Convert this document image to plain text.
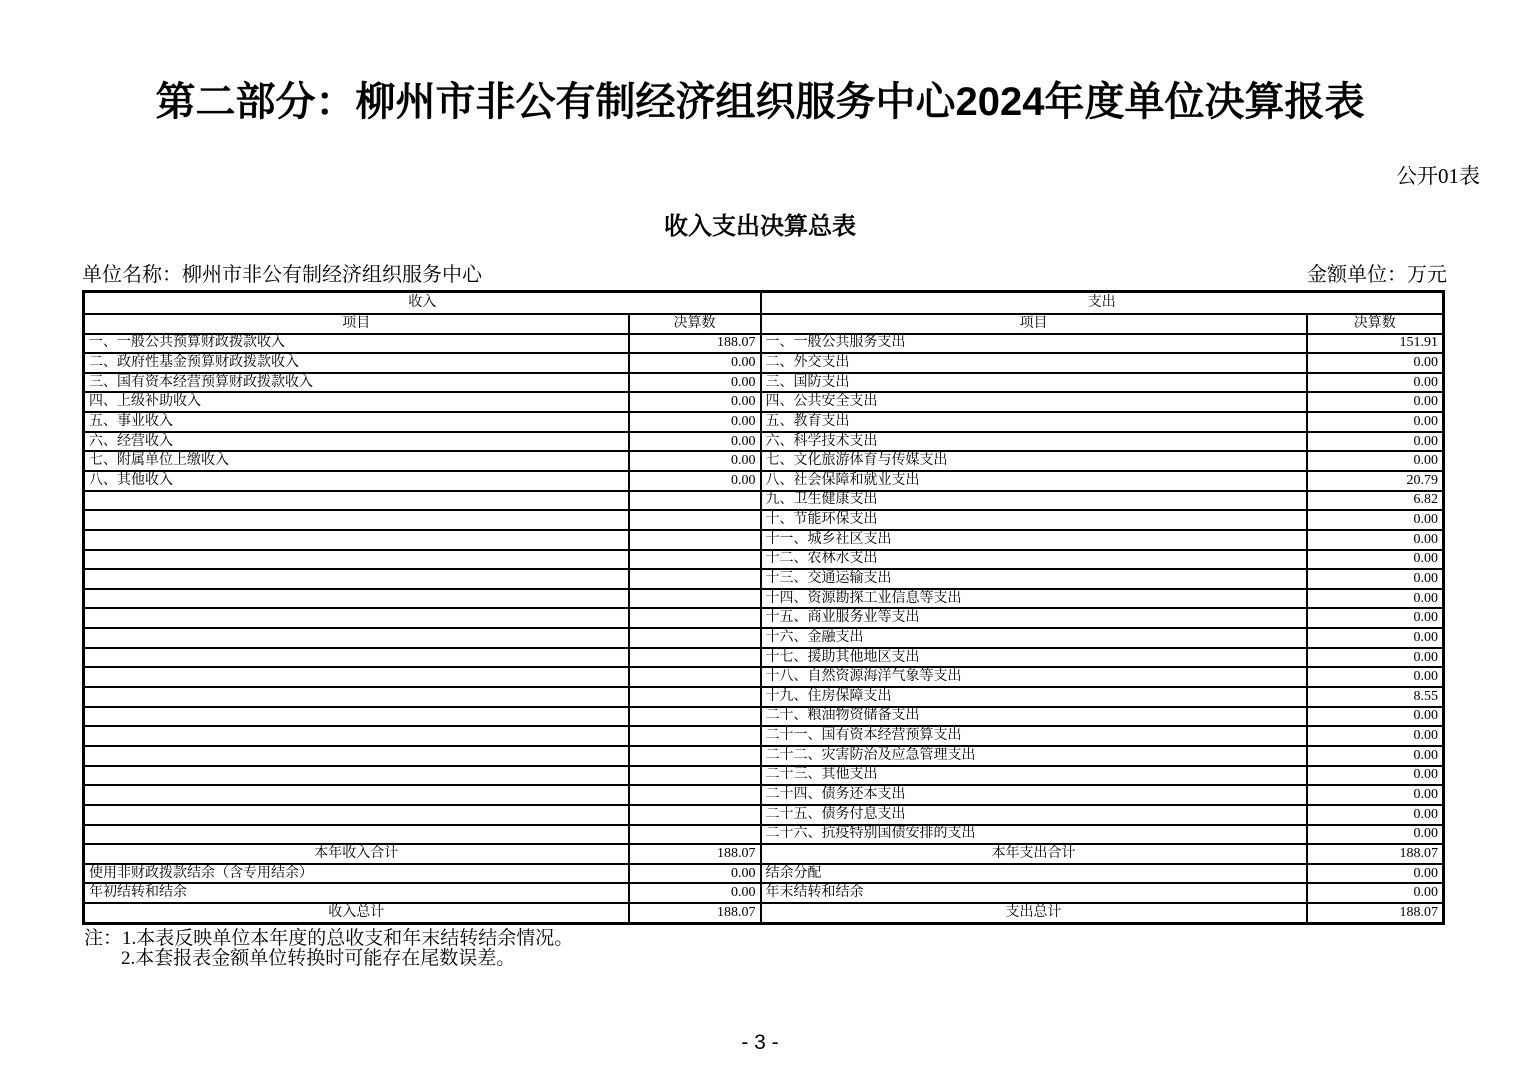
第二部分：柳州市非公有制经济组织服务中心2024年度单位决算报表
公开01表
收入支出决算总表
单位名称：柳州市非公有制经济组织服务中心	金额单位：万元
收入		支出	
项目	决算数	项目	决算数
一、一般公共预算财政拨款收入	188.07	一、一般公共服务支出	151.91
二、政府性基金预算财政拨款收入	0.00	二、外交支出	0.00
三、国有资本经营预算财政拨款收入	0.00	三、国防支出	0.00
四、上级补助收入	0.00	四、公共安全支出	0.00
五、事业收入	0.00	五、教育支出	0.00
六、经营收入	0.00	六、科学技术支出	0.00
七、附属单位上缴收入	0.00	七、文化旅游体育与传媒支出	0.00
八、其他收入	0.00	八、社会保障和就业支出	20.79
		九、卫生健康支出	6.82
		十、节能环保支出	0.00
		十一、城乡社区支出	0.00
		十二、农林水支出	0.00
		十三、交通运输支出	0.00
		十四、资源勘探工业信息等支出	0.00
		十五、商业服务业等支出	0.00
		十六、金融支出	0.00
		十七、援助其他地区支出	0.00
		十八、自然资源海洋气象等支出	0.00
		十九、住房保障支出	8.55
		二十、粮油物资储备支出	0.00
		二十一、国有资本经营预算支出	0.00
		二十二、灾害防治及应急管理支出	0.00
		二十三、其他支出	0.00
		二十四、债务还本支出	0.00
		二十五、债务付息支出	0.00
		二十六、抗疫特别国债安排的支出	0.00
本年收入合计	188.07	本年支出合计	188.07
使用非财政拨款结余（含专用结余）	0.00	结余分配	0.00
年初结转和结余	0.00	年末结转和结余	0.00
收入总计	188.07	支出总计	188.07
注：1.本表反映单位本年度的总收支和年末结转结余情况。
2.本套报表金额单位转换时可能存在尾数误差。
- 3 -
